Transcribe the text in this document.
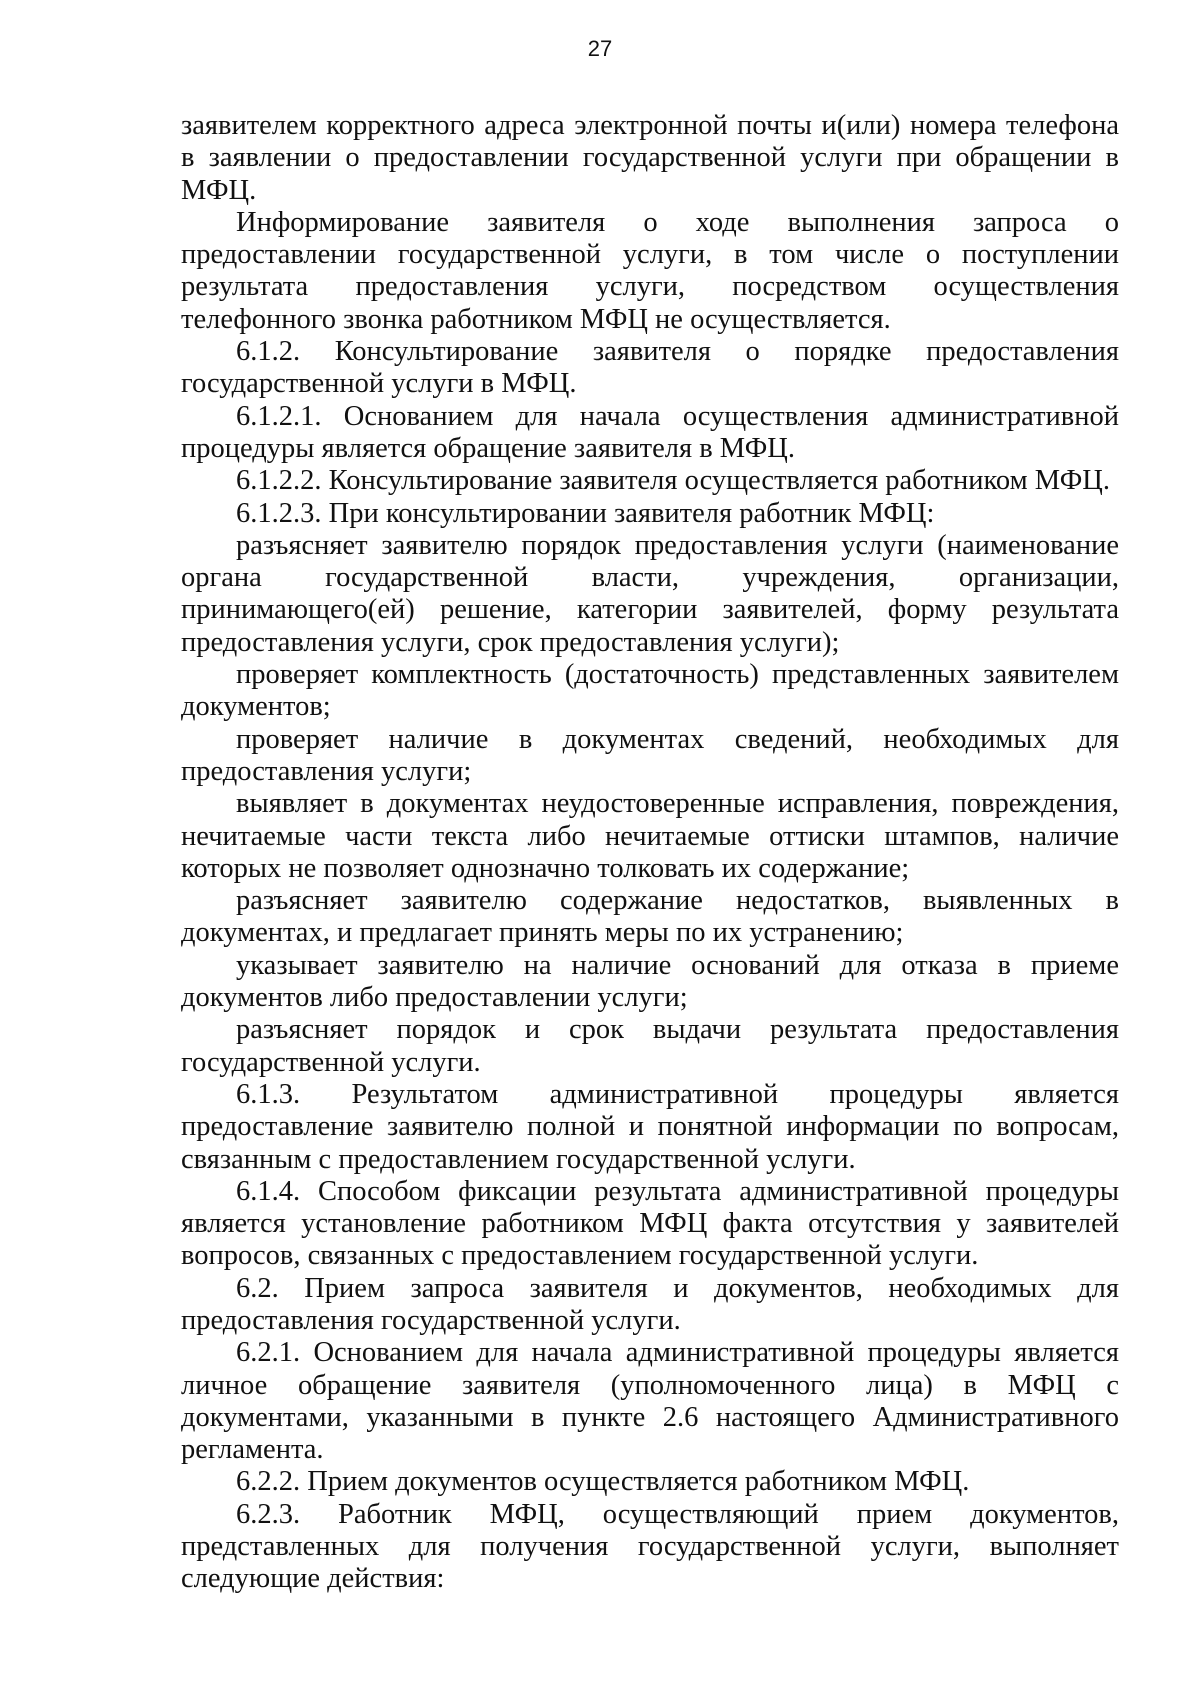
27

заявителем корректного адреса электронной почты и(или) номера телефона в заявлении о предоставлении государственной услуги при обращении в МФЦ.

Информирование заявителя о ходе выполнения запроса о предоставлении государственной услуги, в том числе о поступлении результата предоставления услуги, посредством осуществления телефонного звонка работником МФЦ не осуществляется.

6.1.2. Консультирование заявителя о порядке предоставления государственной услуги в МФЦ.

6.1.2.1. Основанием для начала осуществления административной процедуры является обращение заявителя в МФЦ.

6.1.2.2. Консультирование заявителя осуществляется работником МФЦ.

6.1.2.3. При консультировании заявителя работник МФЦ:

разъясняет заявителю порядок предоставления услуги (наименование органа государственной власти, учреждения, организации, принимающего(ей) решение, категории заявителей, форму результата предоставления услуги, срок предоставления услуги);

проверяет комплектность (достаточность) представленных заявителем документов;

проверяет наличие в документах сведений, необходимых для предоставления услуги;

выявляет в документах неудостоверенные исправления, повреждения, нечитаемые части текста либо нечитаемые оттиски штампов, наличие которых не позволяет однозначно толковать их содержание;

разъясняет заявителю содержание недостатков, выявленных в документах, и предлагает принять меры по их устранению;

указывает заявителю на наличие оснований для отказа в приеме документов либо предоставлении услуги;

разъясняет порядок и срок выдачи результата предоставления государственной услуги.

6.1.3. Результатом административной процедуры является предоставление заявителю полной и понятной информации по вопросам, связанным с предоставлением государственной услуги.

6.1.4. Способом фиксации результата административной процедуры является установление работником МФЦ факта отсутствия у заявителей вопросов, связанных с предоставлением государственной услуги.

6.2. Прием запроса заявителя и документов, необходимых для предоставления государственной услуги.

6.2.1. Основанием для начала административной процедуры является личное обращение заявителя (уполномоченного лица) в МФЦ с документами, указанными в пункте 2.6 настоящего Административного регламента.

6.2.2. Прием документов осуществляется работником МФЦ.

6.2.3. Работник МФЦ, осуществляющий прием документов, представленных для получения государственной услуги, выполняет следующие действия:
